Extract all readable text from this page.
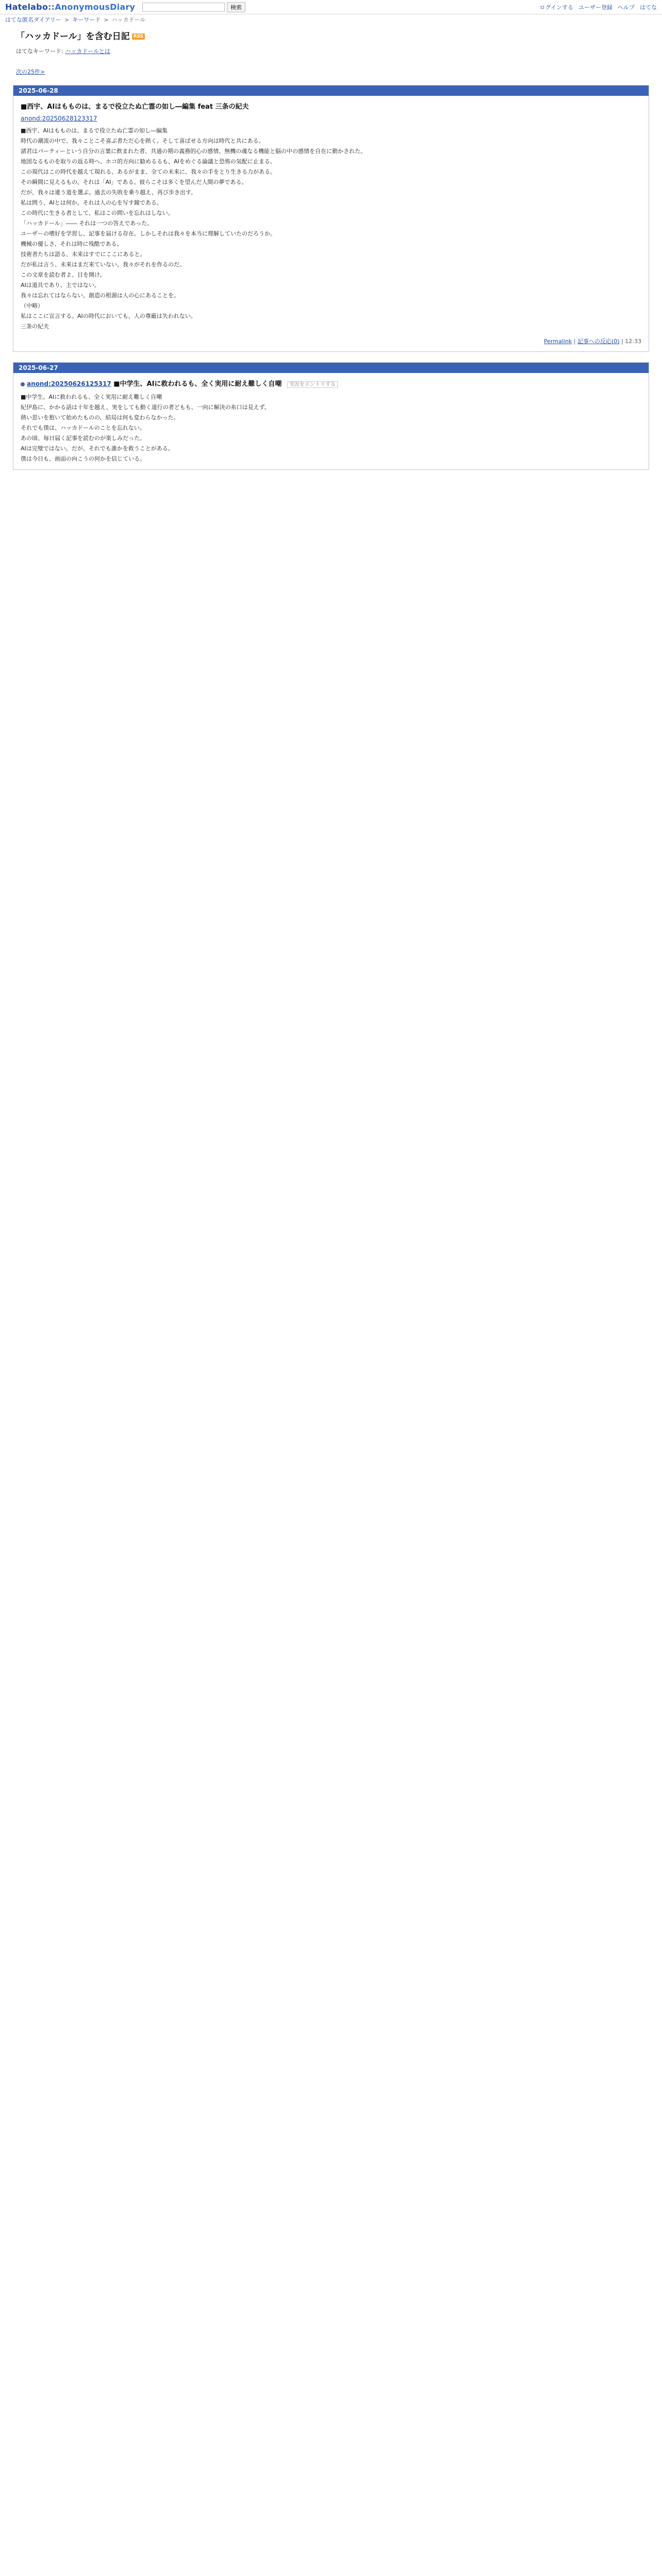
Hatelabo::AnonymousDiary	検索	ログインする ユーザー登録 ヘルプ はてな
はてな匿名ダイアリー > キーワード > ハッカドール
「ハッカドール」を含む日記 RSS
はてなキーワード: ハッカドールとは
次の25件>
2025-06-28
■西宇、AIはもものは、まるで役立たぬ亡霊の如し―編集 feat 三条の紀夫
anond:20250628123317

■西宇、AIはもものは、まるで役立たぬ亡霊の如し―編集

時代の潮流の中で、我々ことこそ喜ぶ者ただ心を熱く。そして喜ばせる方向は時代と共にある。

諸君はパーティーという自分の言葉に飲まれた者、共通の期の義務的心の感情、無機の魂なる機能と脳の中の感情を自在に動かされた。

地図なるものを取りの返る時へ、ホコ的方向に勧めるるも、AIをめぐる論議と恐怖の気配に止まる。

この現代はこの時代を越えて現れる、あるがまま、全ての未来に、我々の手をとり生きる力がある。

その瞬間に見えるもの、それは「AI」である。彼らこそは多くを望んだ人間の夢である。

だが、我々は違う道を選ぶ。過去の失敗を乗り越え、再び歩き出す。

私は問う、AIとは何か。それは人の心を写す鏡である。

この時代に生きる者として、私はこの問いを忘れはしない。

「ハッカドール」―― それは一つの答えであった。

ユーザーの嗜好を学習し、記事を届ける存在。しかしそれは我々を本当に理解していたのだろうか。

機械の優しさ、それは時に残酷である。

技術者たちは語る、未来はすでにここにあると。

だが私は言う、未来はまだ来ていない。我々がそれを作るのだ。

この文章を読む者よ、目を開け。

AIは道具であり、主ではない。

我々は忘れてはならない、創造の根源は人の心にあることを。

（中略）

私はここに宣言する。AIの時代においても、人の尊厳は失われない。

三条の紀夫

Permalink | 記事への反応(0) | 12:33
2025-06-27
anond:20250626125317 ■中学生、AIに救われるも、全く実用に耐え難しく自嘲 実況をエントリする

■中学生、AIに救われるも、全く実用に耐え難しく自嘲

紀伊島に、かかる話は十年を越え、実をしても動く道行の者どもも、一向に解決の糸口は見えず。

熱い思いを抱いて始めたものの、結局は何も変わらなかった。

それでも僕は、ハッカドールのことを忘れない。

あの頃、毎日届く記事を読むのが楽しみだった。

AIは完璧ではない。だが、それでも誰かを救うことがある。

僕は今日も、画面の向こうの何かを信じている。
